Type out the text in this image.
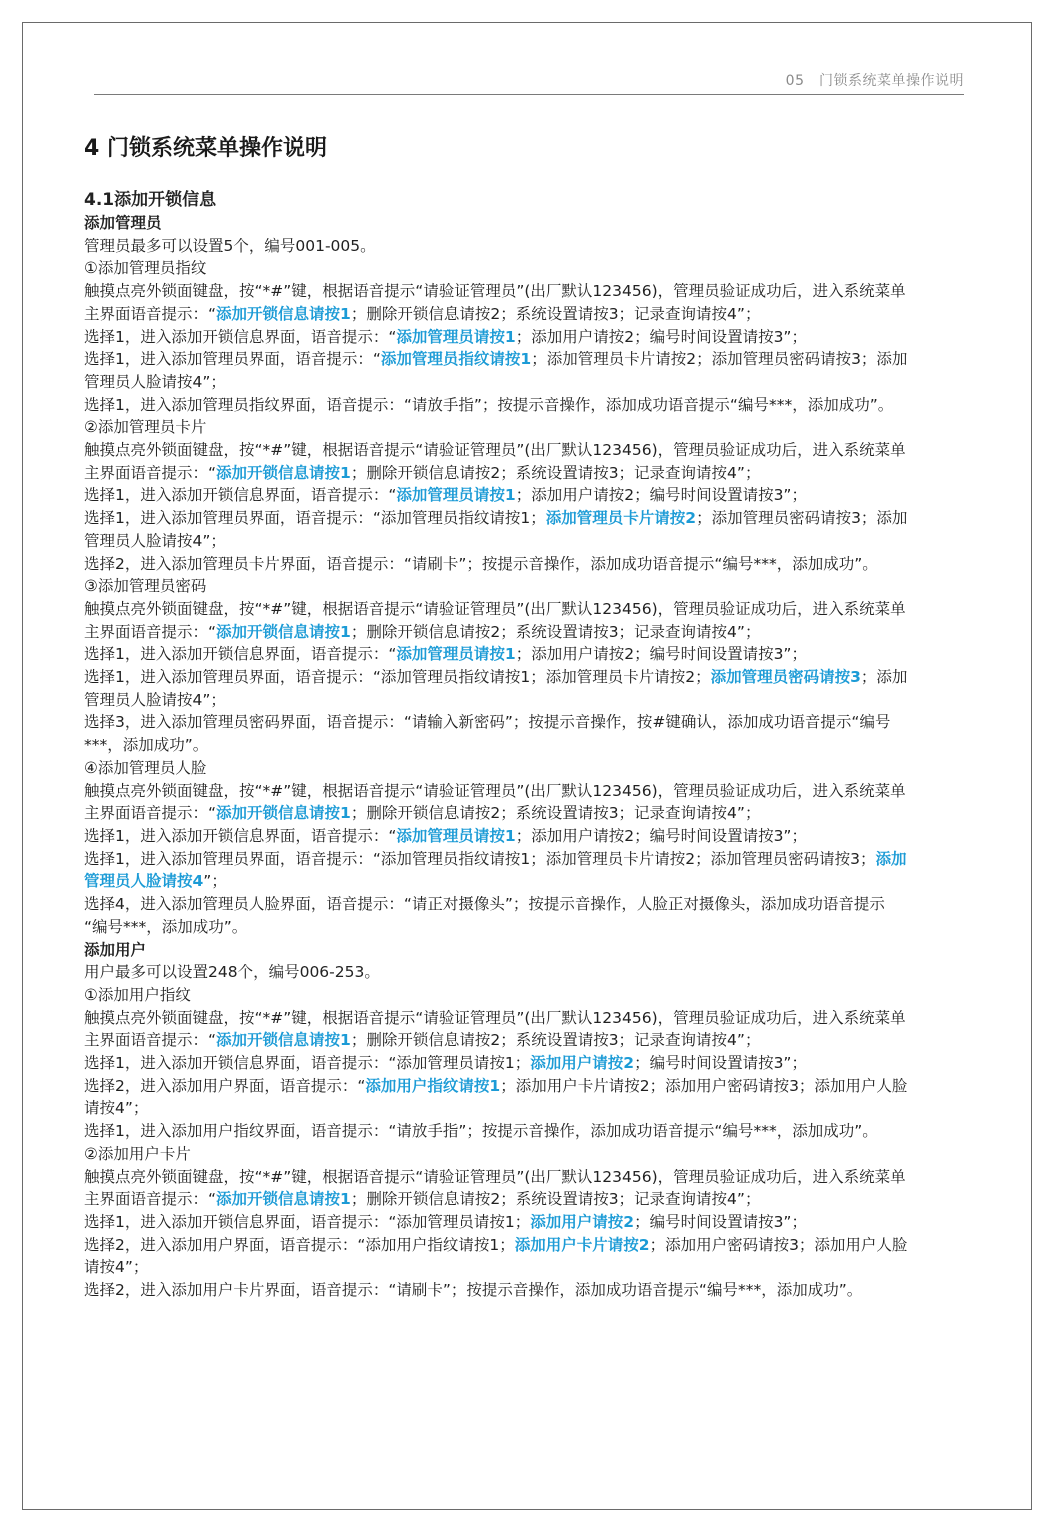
05　门锁系统菜单操作说明
4 门锁系统菜单操作说明
4.1添加开锁信息
添加管理员
管理员最多可以设置5个，编号001-005。
①添加管理员指纹
触摸点亮外锁面键盘，按“*#”键，根据语音提示“请验证管理员”(出厂默认123456)，管理员验证成功后，进入系统菜单
主界面语音提示：“添加开锁信息请按1；删除开锁信息请按2；系统设置请按3；记录查询请按4”；
选择1，进入添加开锁信息界面，语音提示：“添加管理员请按1；添加用户请按2；编号时间设置请按3”；
选择1，进入添加管理员界面，语音提示：“添加管理员指纹请按1；添加管理员卡片请按2；添加管理员密码请按3；添加
管理员人脸请按4”；
选择1，进入添加管理员指纹界面，语音提示：“请放手指”；按提示音操作，添加成功语音提示“编号***，添加成功”。
②添加管理员卡片
触摸点亮外锁面键盘，按“*#”键，根据语音提示“请验证管理员”(出厂默认123456)，管理员验证成功后，进入系统菜单
主界面语音提示：“添加开锁信息请按1；删除开锁信息请按2；系统设置请按3；记录查询请按4”；
选择1，进入添加开锁信息界面，语音提示：“添加管理员请按1；添加用户请按2；编号时间设置请按3”；
选择1，进入添加管理员界面，语音提示：“添加管理员指纹请按1；添加管理员卡片请按2；添加管理员密码请按3；添加
管理员人脸请按4”；
选择2，进入添加管理员卡片界面，语音提示：“请刷卡”；按提示音操作，添加成功语音提示“编号***，添加成功”。
③添加管理员密码
触摸点亮外锁面键盘，按“*#”键，根据语音提示“请验证管理员”(出厂默认123456)，管理员验证成功后，进入系统菜单
主界面语音提示：“添加开锁信息请按1；删除开锁信息请按2；系统设置请按3；记录查询请按4”；
选择1，进入添加开锁信息界面，语音提示：“添加管理员请按1；添加用户请按2；编号时间设置请按3”；
选择1，进入添加管理员界面，语音提示：“添加管理员指纹请按1；添加管理员卡片请按2；添加管理员密码请按3；添加
管理员人脸请按4”；
选择3，进入添加管理员密码界面，语音提示：“请输入新密码”；按提示音操作，按#键确认，添加成功语音提示“编号
***，添加成功”。
④添加管理员人脸
触摸点亮外锁面键盘，按“*#”键，根据语音提示“请验证管理员”(出厂默认123456)，管理员验证成功后，进入系统菜单
主界面语音提示：“添加开锁信息请按1；删除开锁信息请按2；系统设置请按3；记录查询请按4”；
选择1，进入添加开锁信息界面，语音提示：“添加管理员请按1；添加用户请按2；编号时间设置请按3”；
选择1，进入添加管理员界面，语音提示：“添加管理员指纹请按1；添加管理员卡片请按2；添加管理员密码请按3；添加
管理员人脸请按4”；
选择4，进入添加管理员人脸界面，语音提示：“请正对摄像头”；按提示音操作，人脸正对摄像头，添加成功语音提示
“编号***，添加成功”。
添加用户
用户最多可以设置248个，编号006-253。
①添加用户指纹
触摸点亮外锁面键盘，按“*#”键，根据语音提示“请验证管理员”(出厂默认123456)，管理员验证成功后，进入系统菜单
主界面语音提示：“添加开锁信息请按1；删除开锁信息请按2；系统设置请按3；记录查询请按4”；
选择1，进入添加开锁信息界面，语音提示：“添加管理员请按1；添加用户请按2；编号时间设置请按3”；
选择2，进入添加用户界面，语音提示：“添加用户指纹请按1；添加用户卡片请按2；添加用户密码请按3；添加用户人脸
请按4”；
选择1，进入添加用户指纹界面，语音提示：“请放手指”；按提示音操作，添加成功语音提示“编号***，添加成功”。
②添加用户卡片
触摸点亮外锁面键盘，按“*#”键，根据语音提示“请验证管理员”(出厂默认123456)，管理员验证成功后，进入系统菜单
主界面语音提示：“添加开锁信息请按1；删除开锁信息请按2；系统设置请按3；记录查询请按4”；
选择1，进入添加开锁信息界面，语音提示：“添加管理员请按1；添加用户请按2；编号时间设置请按3”；
选择2，进入添加用户界面，语音提示：“添加用户指纹请按1；添加用户卡片请按2；添加用户密码请按3；添加用户人脸
请按4”；
选择2，进入添加用户卡片界面，语音提示：“请刷卡”；按提示音操作，添加成功语音提示“编号***，添加成功”。
